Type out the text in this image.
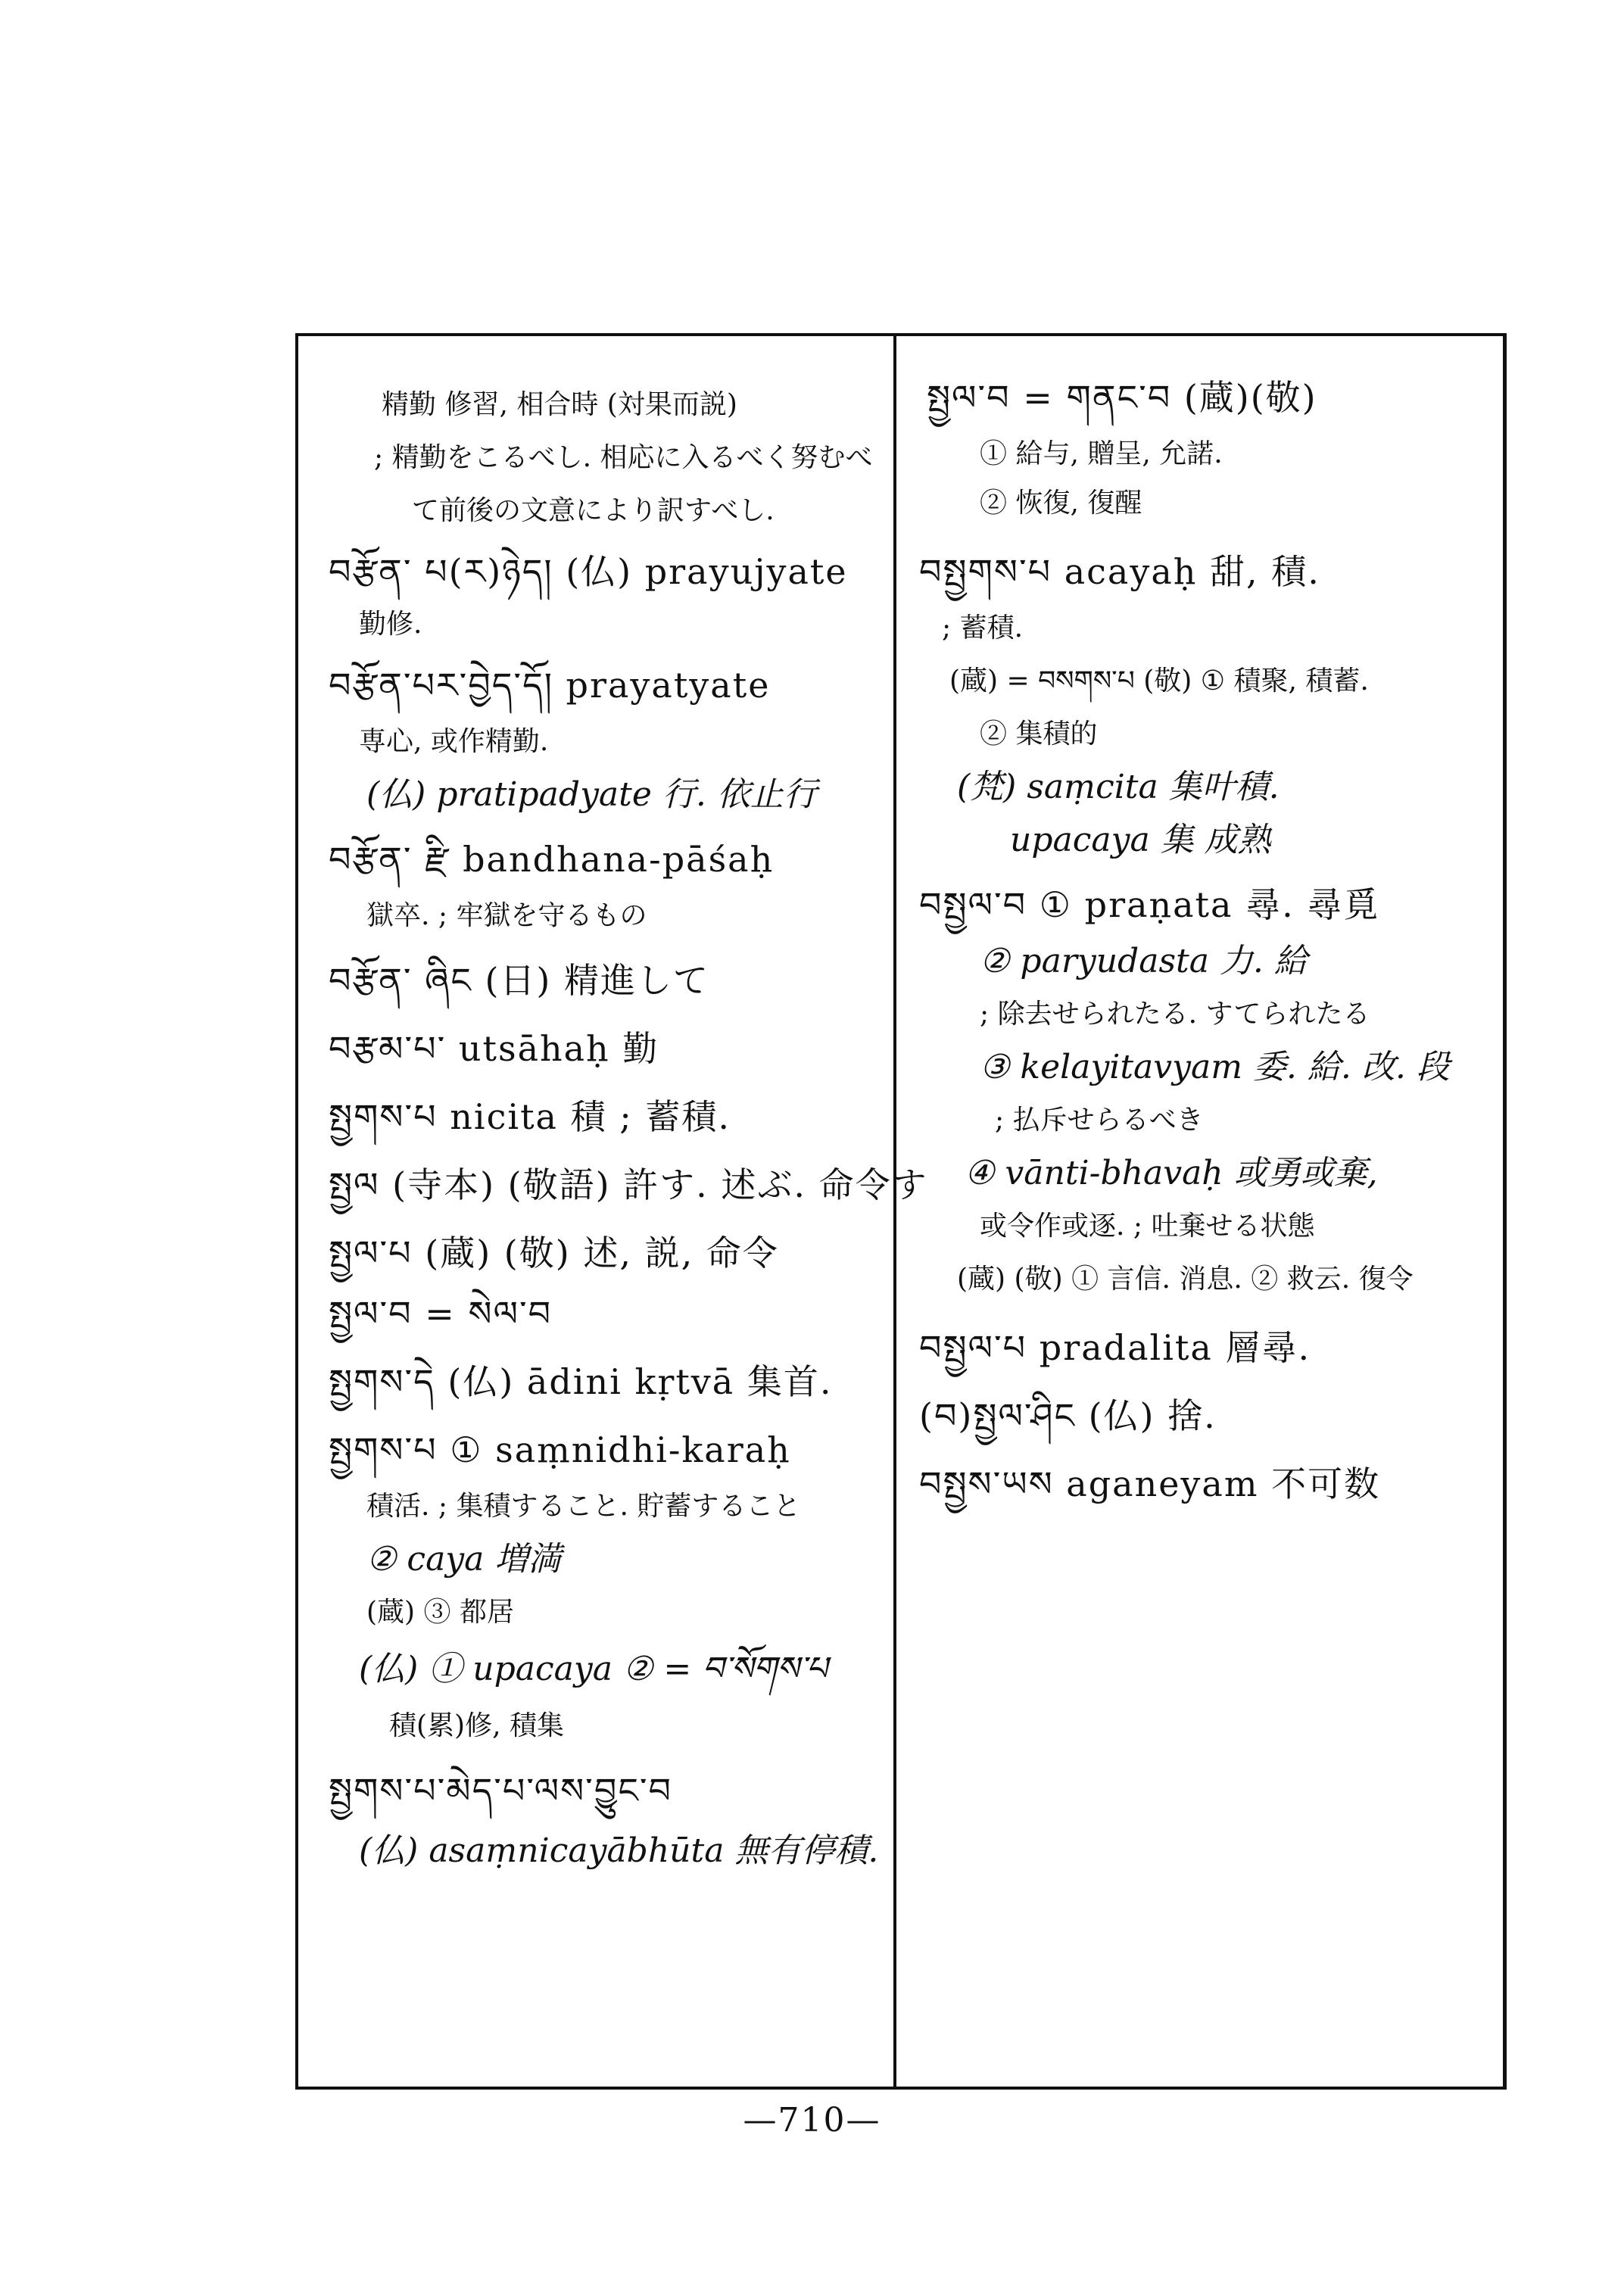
精勤 修習, 相合時 (対果而説)
; 精勤をこるべし. 相応に入るべく努むべ
て前後の文意により訳すべし.
བརྩོན་ པ(ར)ཉེད། (仏) prayujyate
勤修.
བརྩོན་པར་བྱེད་དོ། prayatyate
専心, 或作精勤.
(仏) pratipadyate 行. 依止行
བརྩོན་ རྫི bandhana-pāśaḥ
獄卒. ; 牢獄を守るもの
བརྩོན་ ཞིང (日) 精進して
བརྩམ་པ་ utsāhaḥ 勤
སྤྱགས་པ nicita 積 ; 蓄積.
སྤྱལ (寺本) (敬語) 許す. 述ぶ. 命令す
སྤྱལ་པ (蔵) (敬) 述, 説, 命令
སྤྱལ་བ = སེལ་བ
སྤྱགས་དེ (仏) ādini kṛtvā 集首.
སྤྱགས་པ ① saṃnidhi-karaḥ
積活. ; 集積すること. 貯蓄すること
② caya 増満
(蔵) ③ 都居
(仏) ① upacaya ② = བ་སོགས་པ
積(累)修, 積集
སྤྱགས་པ་མེད་པ་ལས་བྱུང་བ
(仏) asaṃnicayābhūta 無有停積.
སྤྱལ་བ = གནང་བ (蔵)(敬)
① 給与, 贈呈, 允諾.
② 恢復, 復醒
བསྤྱགས་པ acayaḥ 甜, 積.
; 蓄積.
(蔵) = བསགས་པ (敬) ① 積聚, 積蓄.
② 集積的
(梵) saṃcita 集叶積.
upacaya 集 成熟
བསྤྱལ་བ ① praṇata 尋. 尋覓
② paryudasta 力. 給
; 除去せられたる. すてられたる
③ kelayitavyam 委. 給. 改. 段
; 払斥せらるべき
④ vānti-bhavaḥ 或勇或棄,
或令作或逐. ; 吐棄せる状態
(蔵) (敬) ① 言信. 消息. ② 救云. 復令
བསྤྱལ་པ pradalita 層尋.
(བ)སྤྱལ་ཤིང (仏) 捨.
བསྤྱས་ཡས aganeyam 不可数
—710—
